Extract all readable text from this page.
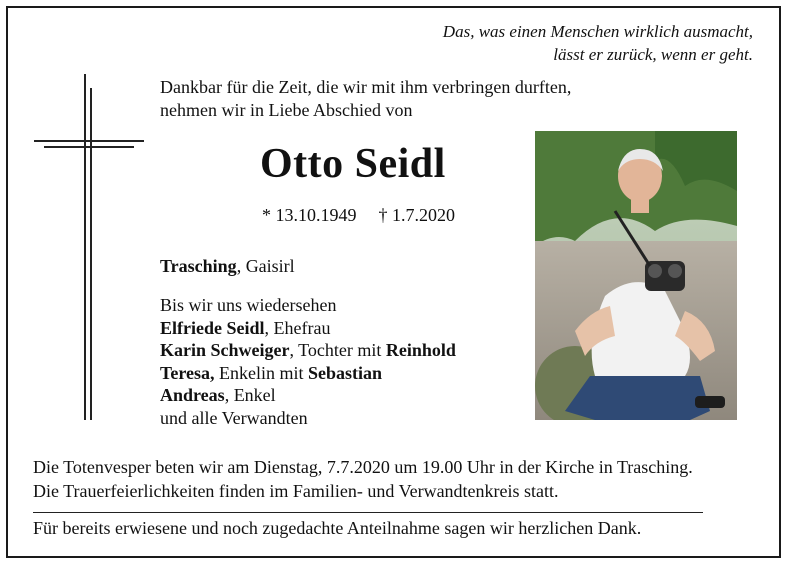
Das, was einen Menschen wirklich ausmacht,
lässt er zurück, wenn er geht.
Dankbar für die Zeit, die wir mit ihm verbringen durften,
nehmen wir in Liebe Abschied von
Otto Seidl
* 13.10.1949 † 1.7.2020
Trasching, Gaisirl
Bis wir uns wiedersehen
Elfriede Seidl, Ehefrau
Karin Schweiger, Tochter mit Reinhold
Teresa, Enkelin mit Sebastian
Andreas, Enkel
und alle Verwandten
Die Totenvesper beten wir am Dienstag, 7.7.2020 um 19.00 Uhr in der Kirche in Trasching.
Die Trauerfeierlichkeiten finden im Familien- und Verwandtenkreis statt.
Für bereits erwiesene und noch zugedachte Anteilnahme sagen wir herzlichen Dank.
